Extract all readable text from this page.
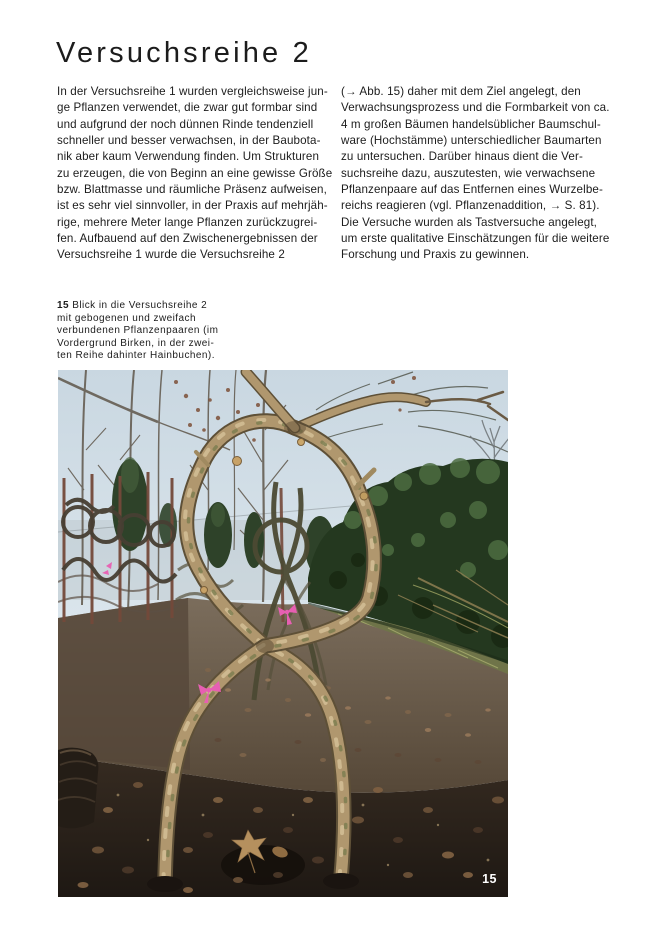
Versuchsreihe 2
In der Versuchsreihe 1 wurden vergleichsweise jun-
ge Pflanzen verwendet, die zwar gut formbar sind
und aufgrund der noch dünnen Rinde tendenziell
schneller und besser verwachsen, in der Baubota-
nik aber kaum Verwendung finden. Um Strukturen
zu erzeugen, die von Beginn an eine gewisse Größe
bzw. Blattmasse und räumliche Präsenz aufweisen,
ist es sehr viel sinnvoller, in der Praxis auf mehrjäh-
rige, mehrere Meter lange Pflanzen zurückzugrei-
fen. Aufbauend auf den Zwischenergebnissen der
Versuchsreihe 1 wurde die Versuchsreihe 2
(→ Abb. 15) daher mit dem Ziel angelegt, den
Verwachsungsprozess und die Formbarkeit von ca.
4 m großen Bäumen handelsüblicher Baumschul-
ware (Hochstämme) unterschiedlicher Baumarten
zu untersuchen. Darüber hinaus dient die Ver-
suchsreihe dazu, auszutesten, wie verwachsene
Pflanzenpaare auf das Entfernen eines Wurzelbe-
reichs reagieren (vgl. Pflanzenaddition, → S. 81).
Die Versuche wurden als Tastversuche angelegt,
um erste qualitative Einschätzungen für die weitere
Forschung und Praxis zu gewinnen.
15 Blick in die Versuchsreihe 2
mit gebogenen und zweifach
verbundenen Pflanzenpaaren (im
Vordergrund Birken, in der zwei-
ten Reihe dahinter Hainbuchen).
15
